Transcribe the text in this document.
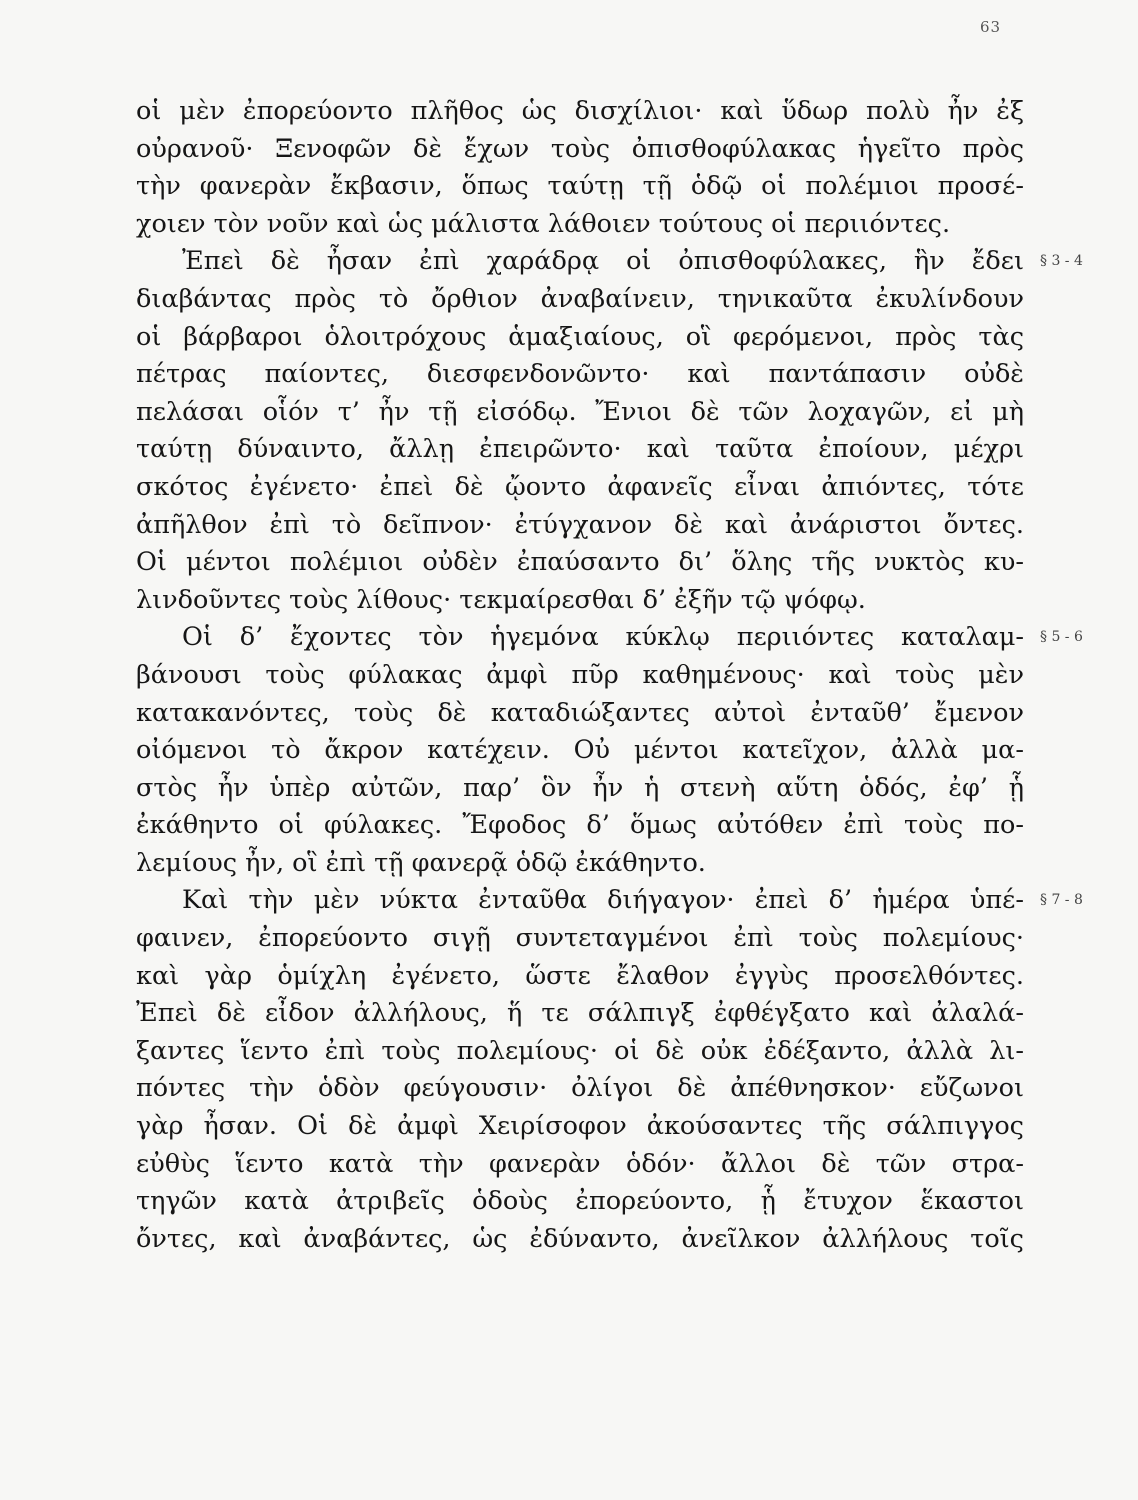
63
οἱ μὲν ἐπορεύοντο πλῆθος ὡς δισχίλιοι· καὶ ὕδωρ πολὺ ἦν ἐξ
οὐρανοῦ· Ξενοφῶν δὲ ἔχων τοὺς ὀπισθοφύλακας ἡγεῖτο πρὸς
τὴν φανερὰν ἔκβασιν, ὅπως ταύτῃ τῇ ὁδῷ οἱ πολέμιοι προσέ-
χοιεν τὸν νοῦν καὶ ὡς μάλιστα λάθοιεν τούτους οἱ περιιόντες.
Ἐπεὶ δὲ ἦσαν ἐπὶ χαράδρᾳ οἱ ὀπισθοφύλακες, ἣν ἔδει § 3 - 4
διαβάντας πρὸς τὸ ὄρθιον ἀναβαίνειν, τηνικαῦτα ἐκυλίνδουν
οἱ βάρβαροι ὁλοιτρόχους ἁμαξιαίους, οἳ φερόμενοι, πρὸς τὰς
πέτρας παίοντες, διεσφενδονῶντο· καὶ παντάπασιν οὐδὲ
πελάσαι οἷόν τ’ ἦν τῇ εἰσόδῳ. Ἔνιοι δὲ τῶν λοχαγῶν, εἰ μὴ
ταύτῃ δύναιντο, ἄλλῃ ἐπειρῶντο· καὶ ταῦτα ἐποίουν, μέχρι
σκότος ἐγένετο· ἐπεὶ δὲ ᾤοντο ἀφανεῖς εἶναι ἀπιόντες, τότε
ἀπῆλθον ἐπὶ τὸ δεῖπνον· ἐτύγχανον δὲ καὶ ἀνάριστοι ὄντες.
Οἱ μέντοι πολέμιοι οὐδὲν ἐπαύσαντο δι’ ὅλης τῆς νυκτὸς κυ-
λινδοῦντες τοὺς λίθους· τεκμαίρεσθαι δ’ ἐξῆν τῷ ψόφῳ.
Οἱ δ’ ἔχοντες τὸν ἡγεμόνα κύκλῳ περιιόντες καταλαμ- § 5 - 6
βάνουσι τοὺς φύλακας ἀμφὶ πῦρ καθημένους· καὶ τοὺς μὲν
κατακανόντες, τοὺς δὲ καταδιώξαντες αὐτοὶ ἐνταῦθ’ ἔμενον
οἰόμενοι τὸ ἄκρον κατέχειν. Οὐ μέντοι κατεῖχον, ἀλλὰ μα-
στὸς ἦν ὑπὲρ αὐτῶν, παρ’ ὃν ἦν ἡ στενὴ αὕτη ὁδός, ἐφ’ ᾗ
ἐκάθηντο οἱ φύλακες. Ἔφοδος δ’ ὅμως αὐτόθεν ἐπὶ τοὺς πο-
λεμίους ἦν, οἳ ἐπὶ τῇ φανερᾷ ὁδῷ ἐκάθηντο.
Καὶ τὴν μὲν νύκτα ἐνταῦθα διήγαγον· ἐπεὶ δ’ ἡμέρα ὑπέ- § 7 - 8
φαινεν, ἐπορεύοντο σιγῇ συντεταγμένοι ἐπὶ τοὺς πολεμίους·
καὶ γὰρ ὁμίχλη ἐγένετο, ὥστε ἔλαθον ἐγγὺς προσελθόντες.
Ἐπεὶ δὲ εἶδον ἀλλήλους, ἥ τε σάλπιγξ ἐφθέγξατο καὶ ἀλαλά-
ξαντες ἵεντο ἐπὶ τοὺς πολεμίους· οἱ δὲ οὐκ ἐδέξαντο, ἀλλὰ λι-
πόντες τὴν ὁδὸν φεύγουσιν· ὀλίγοι δὲ ἀπέθνησκον· εὔζωνοι
γὰρ ἦσαν. Οἱ δὲ ἀμφὶ Χειρίσοφον ἀκούσαντες τῆς σάλπιγγος
εὐθὺς ἵεντο κατὰ τὴν φανερὰν ὁδόν· ἄλλοι δὲ τῶν στρα-
τηγῶν κατὰ ἀτριβεῖς ὁδοὺς ἐπορεύοντο, ᾗ ἔτυχον ἕκαστοι
ὄντες, καὶ ἀναβάντες, ὡς ἐδύναντο, ἀνεῖλκον ἀλλήλους τοῖς
